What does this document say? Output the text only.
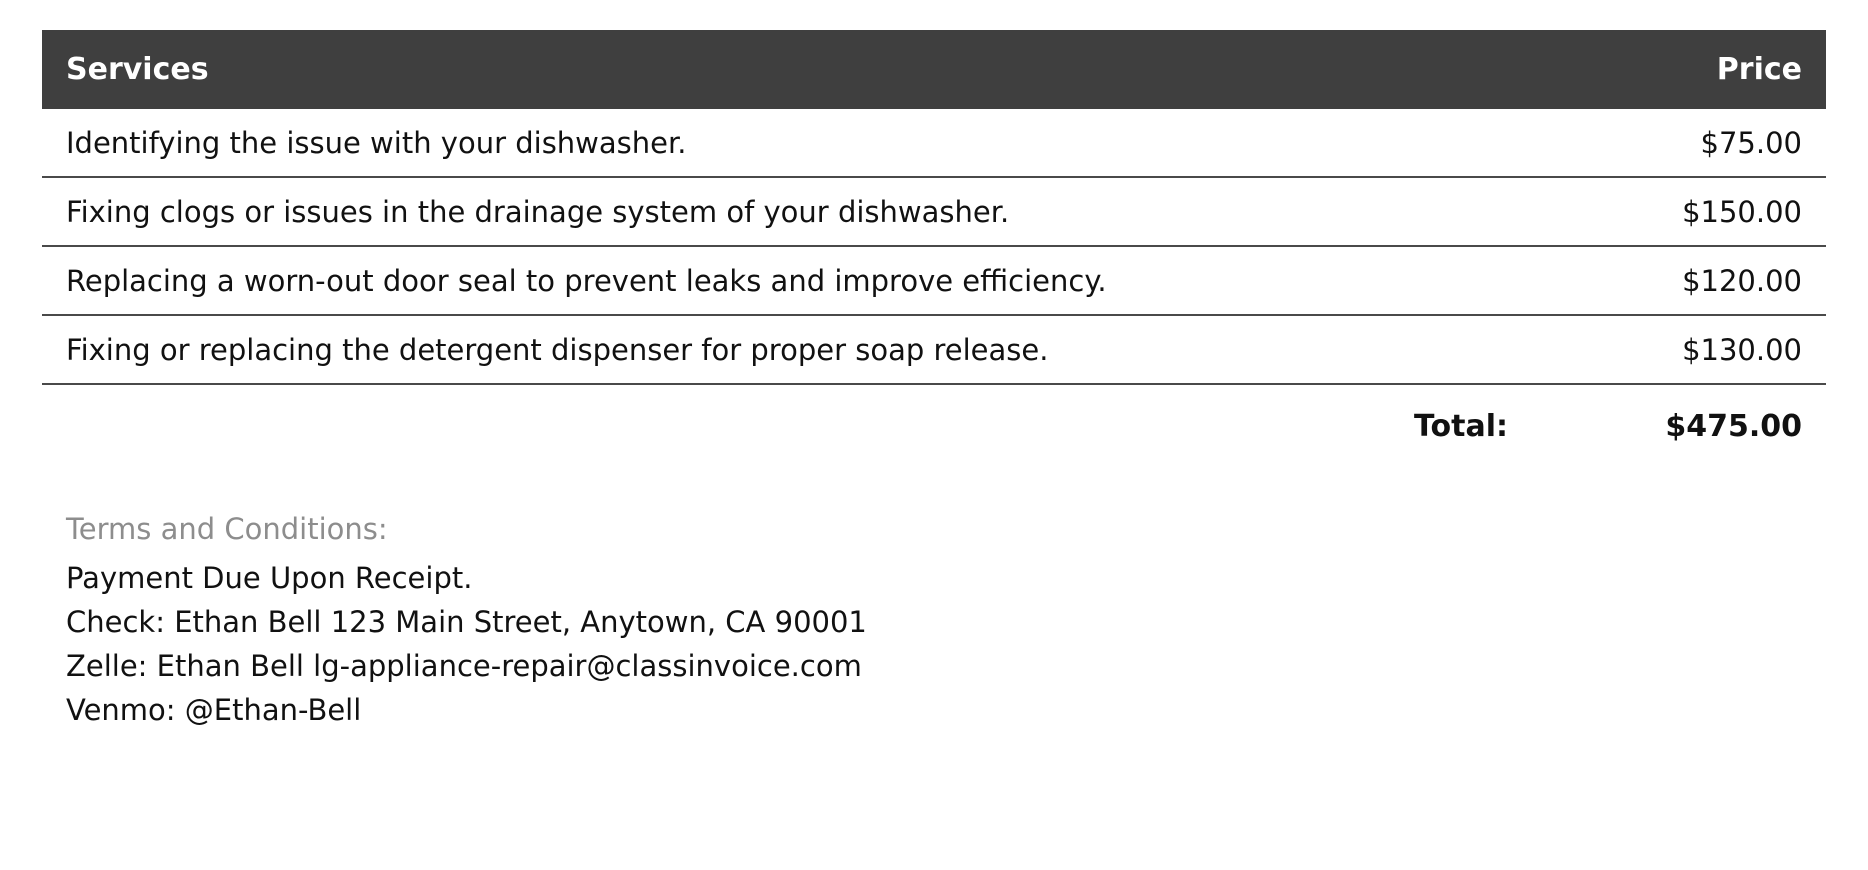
Services	Price
Identifying the issue with your dishwasher.	$75.00
Fixing clogs or issues in the drainage system of your dishwasher.	$150.00
Replacing a worn-out door seal to prevent leaks and improve efficiency.	$120.00
Fixing or replacing the detergent dispenser for proper soap release.	$130.00
Total:	$475.00
Terms and Conditions:
Payment Due Upon Receipt.
Check: Ethan Bell 123 Main Street, Anytown, CA 90001
Zelle: Ethan Bell lg-appliance-repair@classinvoice.com
Venmo: @Ethan-Bell
